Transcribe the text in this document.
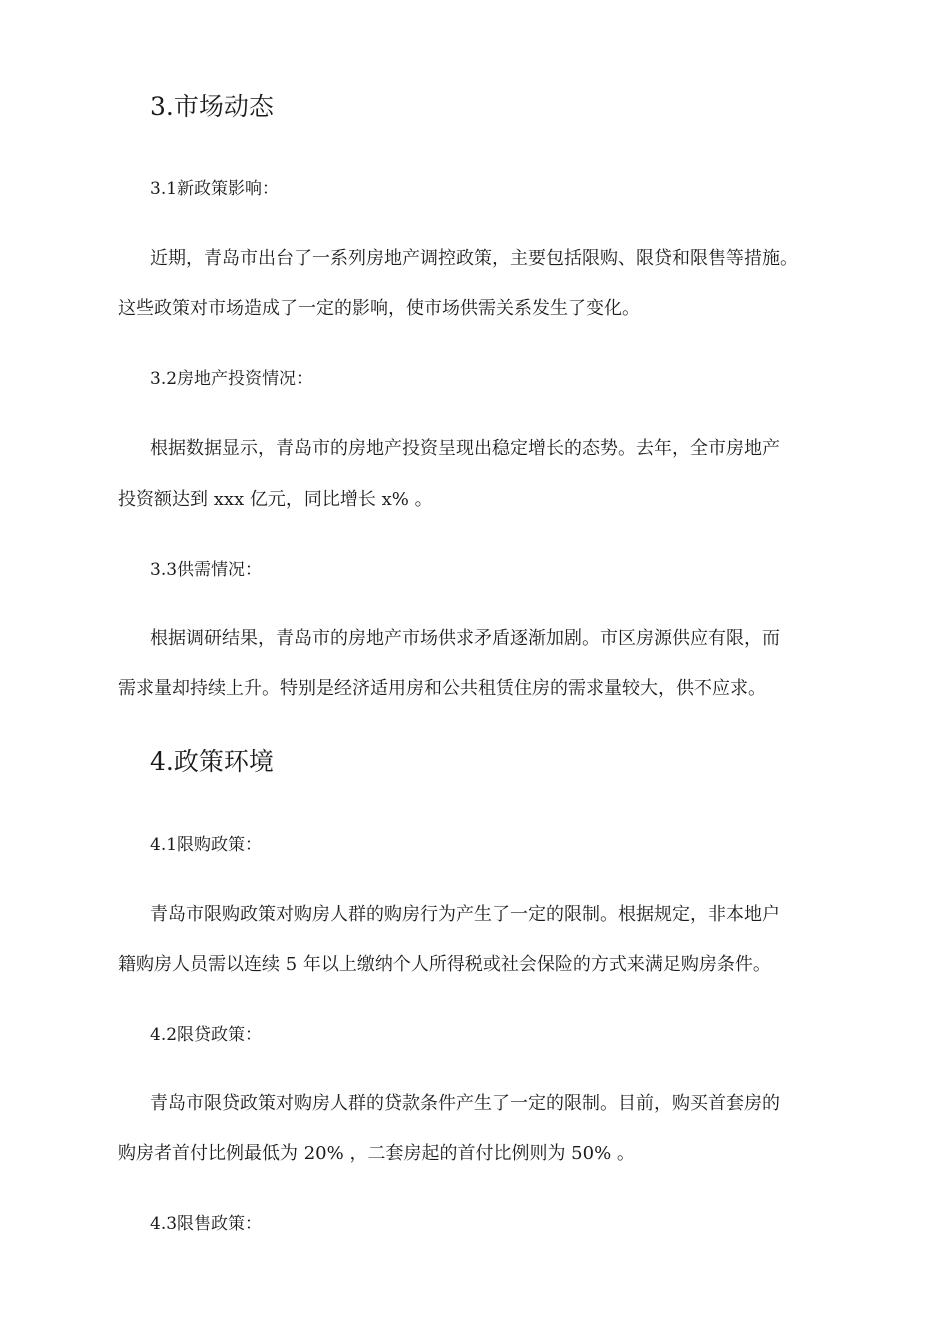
3.市场动态
3.1新政策影响：
近期，青岛市出台了一系列房地产调控政策，主要包括限购、限贷和限售等措施。
这些政策对市场造成了一定的影响，使市场供需关系发生了变化。
3.2房地产投资情况：
根据数据显示，青岛市的房地产投资呈现出稳定增长的态势。去年，全市房地产
投资额达到 xxx 亿元，同比增长 x% 。
3.3供需情况：
根据调研结果，青岛市的房地产市场供求矛盾逐渐加剧。市区房源供应有限，而
需求量却持续上升。特别是经济适用房和公共租赁住房的需求量较大，供不应求。
4.政策环境
4.1限购政策：
青岛市限购政策对购房人群的购房行为产生了一定的限制。根据规定，非本地户
籍购房人员需以连续 5 年以上缴纳个人所得税或社会保险的方式来满足购房条件。
4.2限贷政策：
青岛市限贷政策对购房人群的贷款条件产生了一定的限制。目前，购买首套房的
购房者首付比例最低为 20% ，二套房起的首付比例则为 50% 。
4.3限售政策：
